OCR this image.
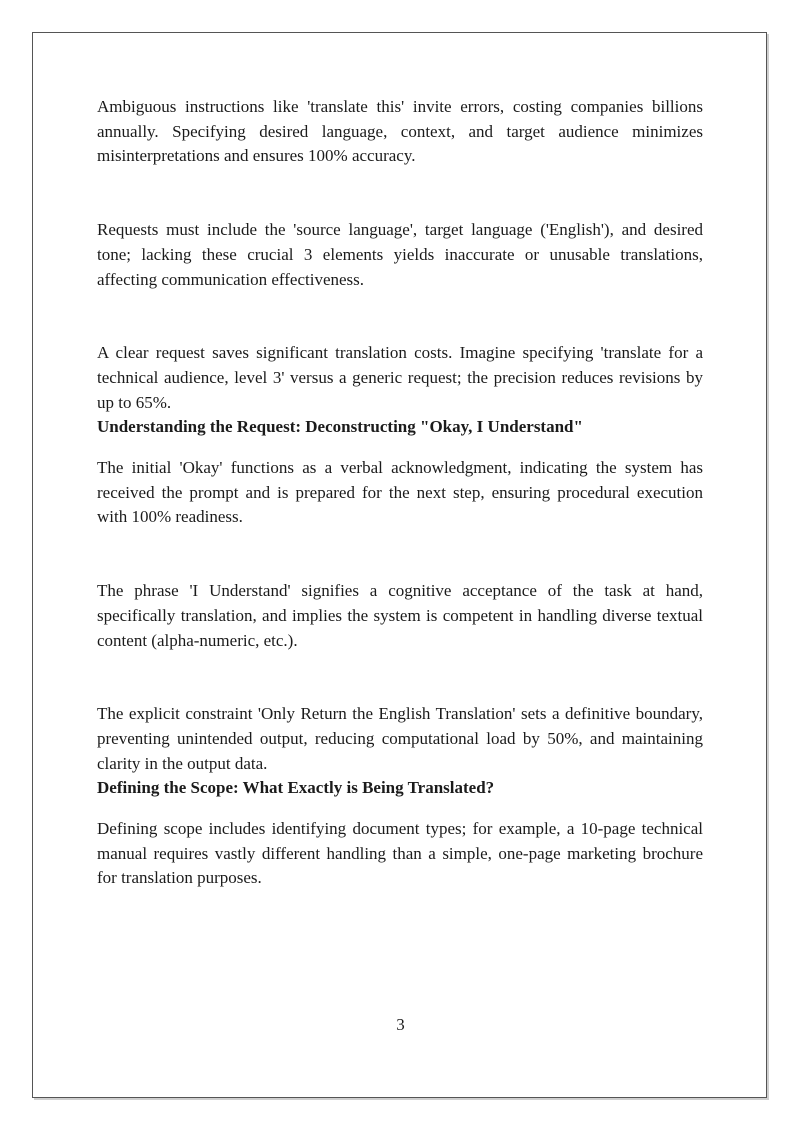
Ambiguous instructions like 'translate this' invite errors, costing companies billions annually. Specifying desired language, context, and target audience minimizes misinterpretations and ensures 100% accuracy.

Requests must include the 'source language', target language ('English'), and desired tone; lacking these crucial 3 elements yields inaccurate or unusable translations, affecting communication effectiveness.

A clear request saves significant translation costs. Imagine specifying 'translate for a technical audience, level 3' versus a generic request; the precision reduces revisions by up to 65%.

Understanding the Request: Deconstructing "Okay, I Understand"

The initial 'Okay' functions as a verbal acknowledgment, indicating the system has received the prompt and is prepared for the next step, ensuring procedural execution with 100% readiness.

The phrase 'I Understand' signifies a cognitive acceptance of the task at hand, specifically translation, and implies the system is competent in handling diverse textual content (alpha-numeric, etc.).

The explicit constraint 'Only Return the English Translation' sets a definitive boundary, preventing unintended output, reducing computational load by 50%, and maintaining clarity in the output data.

Defining the Scope: What Exactly is Being Translated?

Defining scope includes identifying document types; for example, a 10-page technical manual requires vastly different handling than a simple, one-page marketing brochure for translation purposes.

3
